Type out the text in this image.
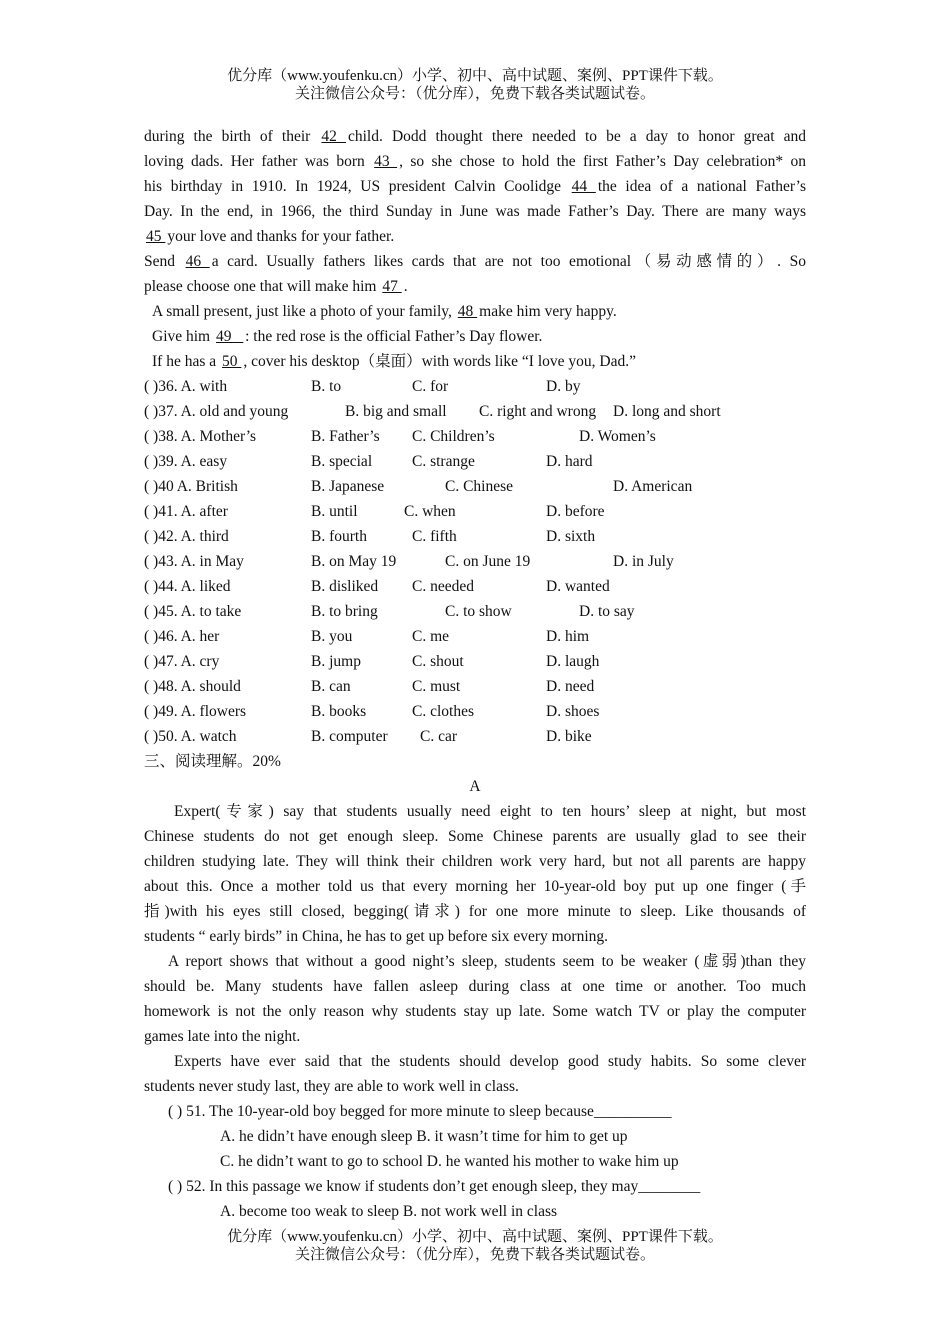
优分库（www.youfenku.cn）小学、初中、高中试题、案例、PPT课件下载。
关注微信公众号：（优分库），免费下载各类试题试卷。
during the birth of their 42 child. Dodd thought there needed to be a day to honor great and
loving dads. Her father was born 43 , so she chose to hold the first Father’s Day celebration* on
his birthday in 1910. In 1924, US president Calvin Coolidge 44 the idea of a national Father’s
Day. In the end, in 1966, the third Sunday in June was made Father’s Day. There are many ways
45 your love and thanks for your father.
Send 46 a card. Usually fathers likes cards that are not too emotional（易动感情的）. So
please choose one that will make him 47 .
A small present, just like a photo of your family, 48 make him very happy.
Give him 49 _ : the red rose is the official Father’s Day flower.
If he has a 50 , cover his desktop（桌面）with words like “I love you, Dad.”
( )36. A. with	B. to	C. for	D. by
( )37. A. old and young	B. big and small C. right and wrong D. long and short
( )38. A. Mother’s	B. Father’s C. Children’s	D. Women’s
( )39. A. easy	B. special	C. strange	D. hard
( )40 A. British	B. Japanese	C. Chinese	D. American
( )41. A. after	B. until	C. when	D. before
( )42. A. third	B. fourth	C. fifth	D. sixth
( )43. A. in May	B. on May 19	C. on June 19	D. in July
( )44. A. liked	B. disliked C. needed	D. wanted
( )45. A. to take	B. to bring	C. to show	D. to say
( )46. A. her	B. you	C. me	D. him
( )47. A. cry	B. jump	C. shout	D. laugh
( )48. A. should	B. can	C. must	D. need
( )49. A. flowers	B. books	C. clothes	D. shoes
( )50. A. watch	B. computer C. car	D. bike
三、阅读理解。20%
A
Expert(专家) say that students usually need eight to ten hours’ sleep at night, but most
Chinese students do not get enough sleep. Some Chinese parents are usually glad to see their
children studying late. They will think their children work very hard, but not all parents are happy
about this. Once a mother told us that every morning her 10-year-old boy put up one finger (手
指)with his eyes still closed, begging(请求) for one more minute to sleep. Like thousands of
students “ early birds” in China, he has to get up before six every morning.
A report shows that without a good night’s sleep, students seem to be weaker (虚弱)than they
should be. Many students have fallen asleep during class at one time or another. Too much
homework is not the only reason why students stay up late. Some watch TV or play the computer
games late into the night.
Experts have ever said that the students should develop good study habits. So some clever
students never study last, they are able to work well in class.
( ) 51. The 10-year-old boy begged for more minute to sleep because__________
A. he didn’t have enough sleep B. it wasn’t time for him to get up
C. he didn’t want to go to school D. he wanted his mother to wake him up
( ) 52. In this passage we know if students don’t get enough sleep, they may________
A. become too weak to sleep B. not work well in class
优分库（www.youfenku.cn）小学、初中、高中试题、案例、PPT课件下载。
关注微信公众号：（优分库），免费下载各类试题试卷。
